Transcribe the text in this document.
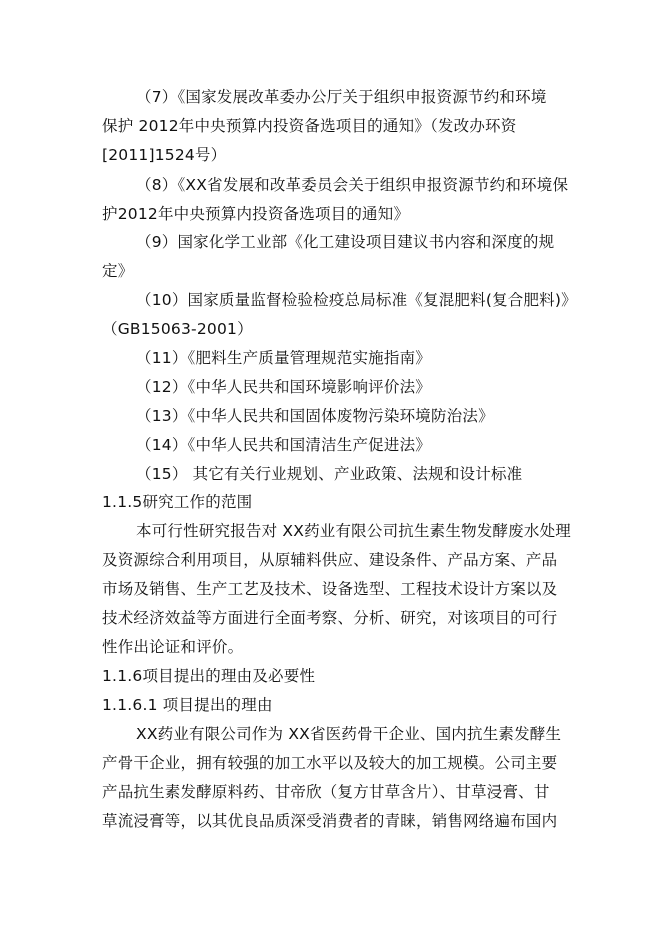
（7）《国家发展改革委办公厅关于组织申报资源节约和环境
保护 2012年中央预算内投资备选项目的通知》（发改办环资
[2011]1524号）
（8）《XX省发展和改革委员会关于组织申报资源节约和环境保
护2012年中央预算内投资备选项目的通知》
（9）国家化学工业部《化工建设项目建议书内容和深度的规
定》
（10）国家质量监督检验检疫总局标准《复混肥料(复合肥料)》
（GB15063-2001）
（11）《肥料生产质量管理规范实施指南》
（12）《中华人民共和国环境影响评价法》
（13）《中华人民共和国固体废物污染环境防治法》
（14）《中华人民共和国清洁生产促进法》
（15） 其它有关行业规划、产业政策、法规和设计标准
1.1.5研究工作的范围
本可行性研究报告对 XX药业有限公司抗生素生物发酵废水处理
及资源综合利用项目，从原辅料供应、建设条件、产品方案、产品
市场及销售、生产工艺及技术、设备选型、工程技术设计方案以及
技术经济效益等方面进行全面考察、分析、研究，对该项目的可行
性作出论证和评价。
1.1.6项目提出的理由及必要性
1.1.6.1 项目提出的理由
XX药业有限公司作为 XX省医药骨干企业、国内抗生素发酵生
产骨干企业，拥有较强的加工水平以及较大的加工规模。公司主要
产品抗生素发酵原料药、甘帝欣（复方甘草含片）、甘草浸膏、甘
草流浸膏等，以其优良品质深受消费者的青睐，销售网络遍布国内
